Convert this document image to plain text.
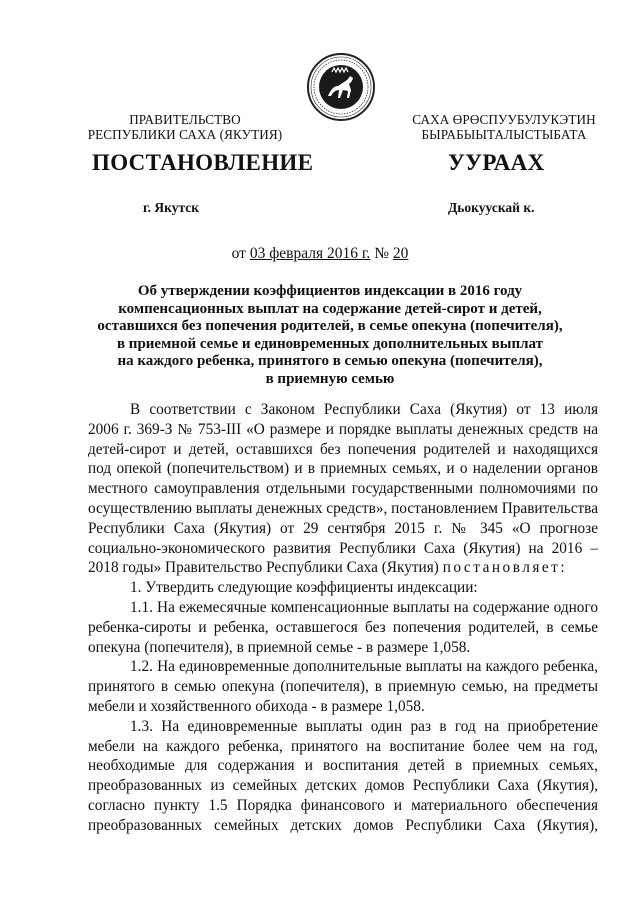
ПРАВИТЕЛЬСТВО
РЕСПУБЛИКИ САХА (ЯКУТИЯ)
САХА ӨРӨСПУУБУЛУКЭТИН
БЫРАБЫЫТАЛЫСТЫБАТА
ПОСТАНОВЛЕНИЕ	УУРААХ
г. Якутск	Дьокуускай к.
от 03 февраля 2016 г. № 20
Об утверждении коэффициентов индексации в 2016 году
компенсационных выплат на содержание детей-сирот и детей,
оставшихся без попечения родителей, в семье опекуна (попечителя),
в приемной семье и единовременных дополнительных выплат
на каждого ребенка, принятого в семью опекуна (попечителя),
в приемную семью
В соответствии с Законом Республики Саха (Якутия) от 13 июля
2006 г. 369-З № 753-III «О размере и порядке выплаты денежных средств на
детей-сирот и детей, оставшихся без попечения родителей и находящихся
под опекой (попечительством) и в приемных семьях, и о наделении органов
местного самоуправления отдельными государственными полномочиями по
осуществлению выплаты денежных средств», постановлением Правительства
Республики Саха (Якутия) от 29 сентября 2015 г. № 345 «О прогнозе
социально-экономического развития Республики Саха (Якутия) на 2016 –
2018 годы» Правительство Республики Саха (Якутия) постановляет:
1. Утвердить следующие коэффициенты индексации:
1.1. На ежемесячные компенсационные выплаты на содержание одного
ребенка-сироты и ребенка, оставшегося без попечения родителей, в семье
опекуна (попечителя), в приемной семье - в размере 1,058.
1.2. На единовременные дополнительные выплаты на каждого ребенка,
принятого в семью опекуна (попечителя), в приемную семью, на предметы
мебели и хозяйственного обихода - в размере 1,058.
1.3. На единовременные выплаты один раз в год на приобретение
мебели на каждого ребенка, принятого на воспитание более чем на год,
необходимые для содержания и воспитания детей в приемных семьях,
преобразованных из семейных детских домов Республики Саха (Якутия),
согласно пункту 1.5 Порядка финансового и материального обеспечения
преобразованных семейных детских домов Республики Саха (Якутия),
